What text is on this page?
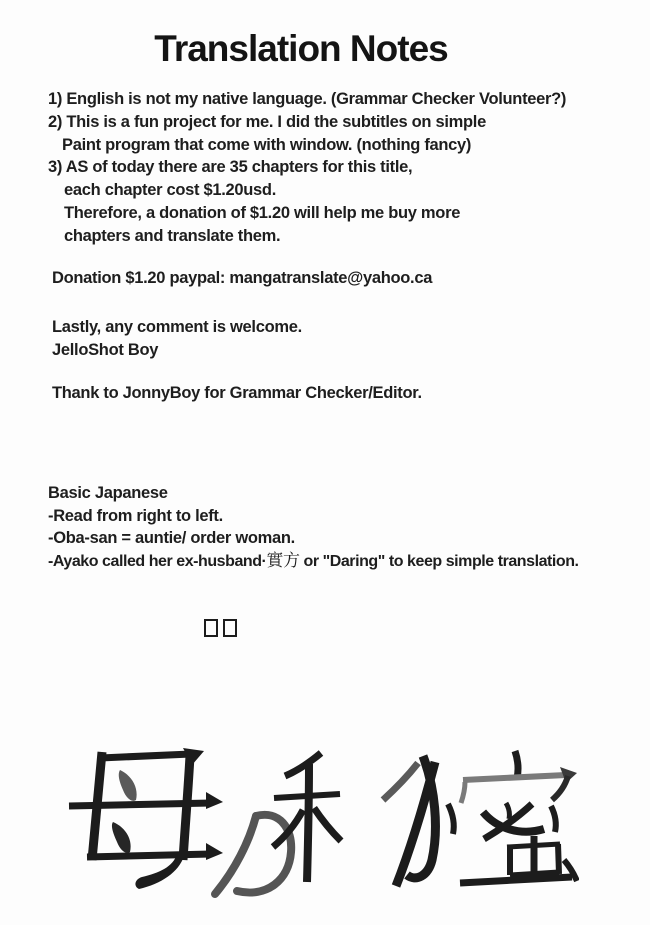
Translation Notes
1) English is not my native language. (Grammar Checker Volunteer?)
2) This is a fun project for me. I did the subtitles on simple
Paint program that come with window. (nothing fancy)
3) AS of today there are 35 chapters for this title,
each chapter cost $1.20usd.
Therefore, a donation of $1.20 will help me buy more
chapters and translate them.
Donation $1.20 paypal: mangatranslate@yahoo.ca
Lastly, any comment is welcome.
JelloShot Boy
Thank to JonnyBoy for Grammar Checker/Editor.
Basic Japanese
-Read from right to left.
-Oba-san = auntie/ order woman.
-Ayako called her ex-husband·實方 or "Daring" to keep simple translation.
